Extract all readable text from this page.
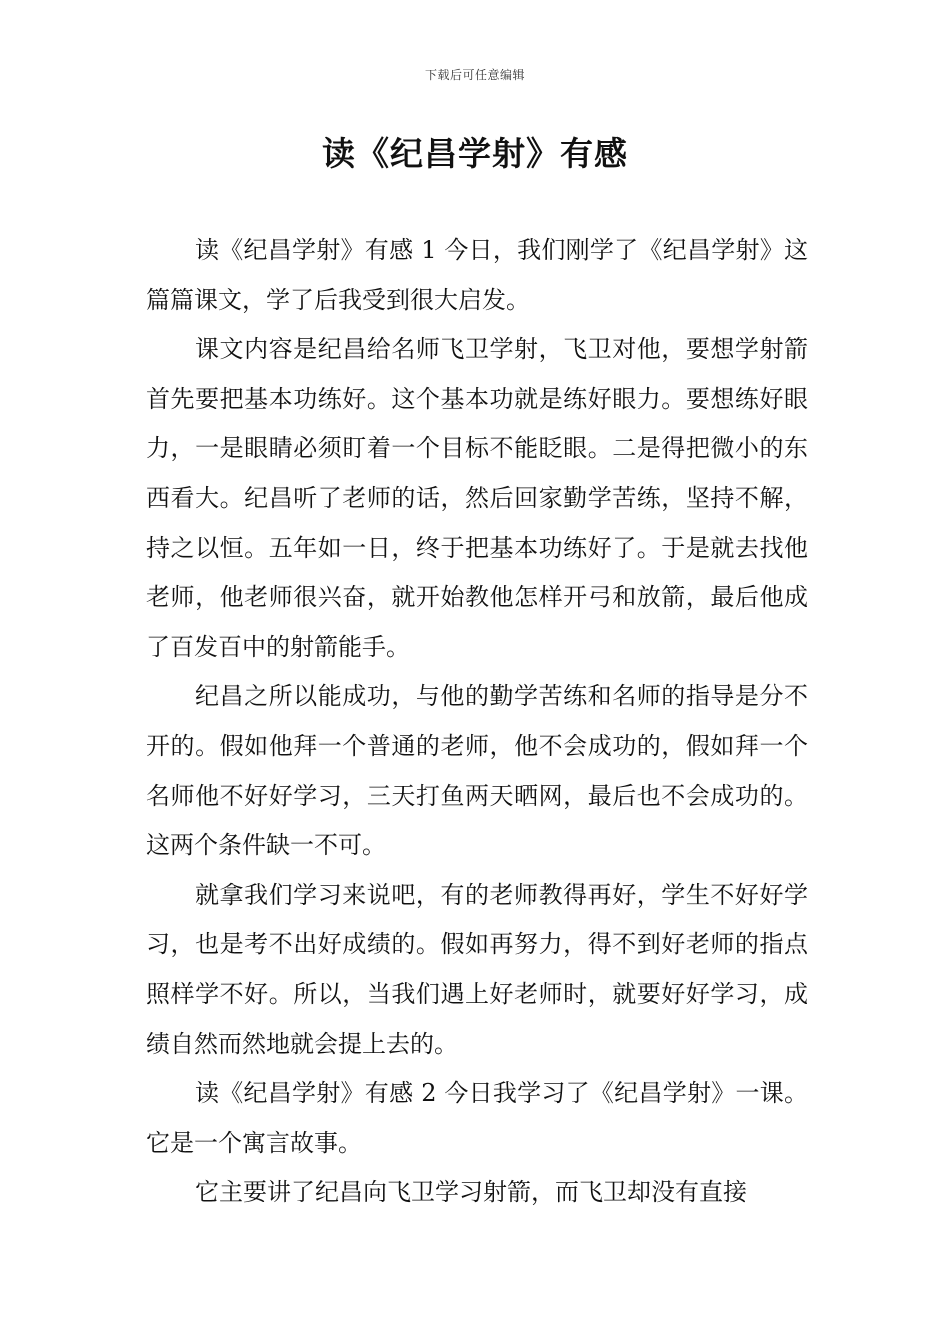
下载后可任意编辑
读《纪昌学射》有感

读《纪昌学射》有感 1 今日，我们刚学了《纪昌学射》这篇篇课文，学了后我受到很大启发。

课文内容是纪昌给名师飞卫学射，飞卫对他，要想学射箭首先要把基本功练好。这个基本功就是练好眼力。要想练好眼力，一是眼睛必须盯着一个目标不能眨眼。二是得把微小的东西看大。纪昌听了老师的话，然后回家勤学苦练，坚持不解，持之以恒。五年如一日，终于把基本功练好了。于是就去找他老师，他老师很兴奋，就开始教他怎样开弓和放箭，最后他成了百发百中的射箭能手。

纪昌之所以能成功，与他的勤学苦练和名师的指导是分不开的。假如他拜一个普通的老师，他不会成功的，假如拜一个名师他不好好学习，三天打鱼两天晒网，最后也不会成功的。这两个条件缺一不可。

就拿我们学习来说吧，有的老师教得再好，学生不好好学习，也是考不出好成绩的。假如再努力，得不到好老师的指点照样学不好。所以，当我们遇上好老师时，就要好好学习，成绩自然而然地就会提上去的。

读《纪昌学射》有感 2 今日我学习了《纪昌学射》一课。它是一个寓言故事。

它主要讲了纪昌向飞卫学习射箭，而飞卫却没有直接
